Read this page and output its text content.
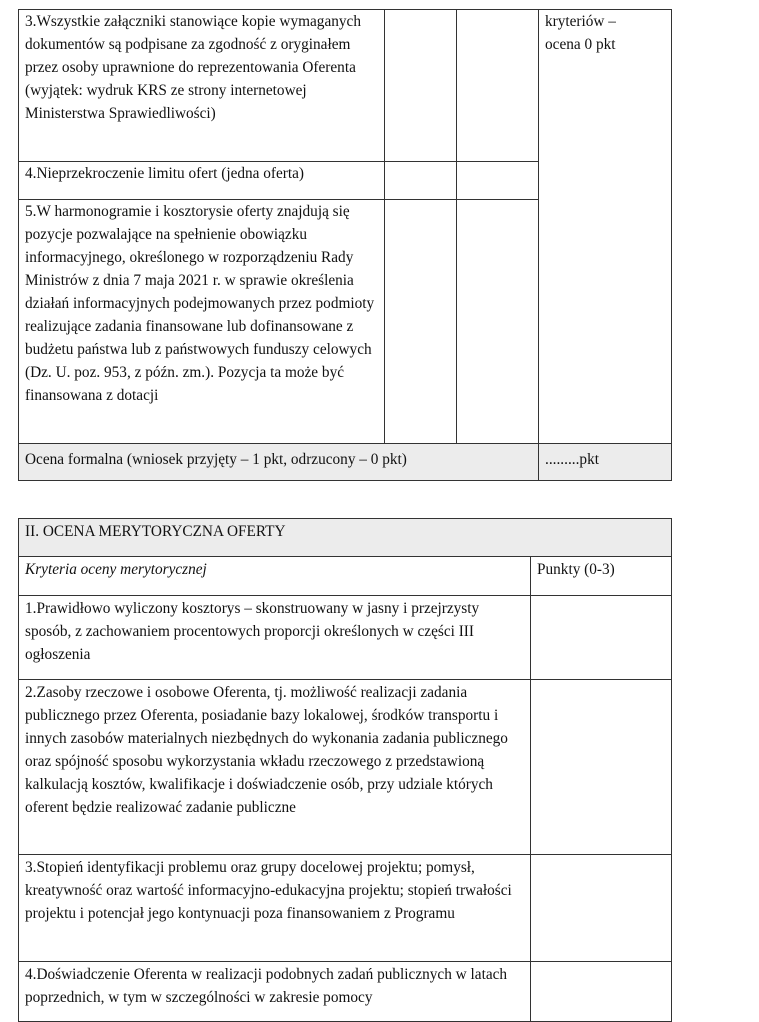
3.Wszystkie załączniki stanowiące kopie wymaganych dokumentów są podpisane za zgodność z oryginałem przez osoby uprawnione do reprezentowania Oferenta (wyjątek: wydruk KRS ze strony internetowej Ministerstwa Sprawiedliwości)			kryteriów – ocena 0 pkt

4.Nieprzekroczenie limitu ofert (jedna oferta)			

5.W harmonogramie i kosztorysie oferty znajdują się pozycje pozwalające na spełnienie obowiązku informacyjnego, określonego w rozporządzeniu Rady Ministrów z dnia 7 maja 2021 r. w sprawie określenia działań informacyjnych podejmowanych przez podmioty realizujące zadania finansowane lub dofinansowane z budżetu państwa lub z państwowych funduszy celowych (Dz. U. poz. 953, z późn. zm.). Pozycja ta może być finansowana z dotacji			

Ocena formalna (wniosek przyjęty – 1 pkt, odrzucony – 0 pkt)			.........pkt
II. OCENA MERYTORYCZNA OFERTY	

Kryteria oceny merytorycznej	Punkty (0-3)

1.Prawidłowo wyliczony kosztorys – skonstruowany w jasny i przejrzysty sposób, z zachowaniem procentowych proporcji określonych w części III ogłoszenia	

2.Zasoby rzeczowe i osobowe Oferenta, tj. możliwość realizacji zadania publicznego przez Oferenta, posiadanie bazy lokalowej, środków transportu i innych zasobów materialnych niezbędnych do wykonania zadania publicznego oraz spójność sposobu wykorzystania wkładu rzeczowego z przedstawioną kalkulacją kosztów, kwalifikacje i doświadczenie osób, przy udziale których oferent będzie realizować zadanie publiczne	

3.Stopień identyfikacji problemu oraz grupy docelowej projektu; pomysł, kreatywność oraz wartość informacyjno-edukacyjna projektu; stopień trwałości projektu i potencjał jego kontynuacji poza finansowaniem z Programu	

4.Doświadczenie Oferenta w realizacji podobnych zadań publicznych w latach poprzednich, w tym w szczególności w zakresie pomocy	
